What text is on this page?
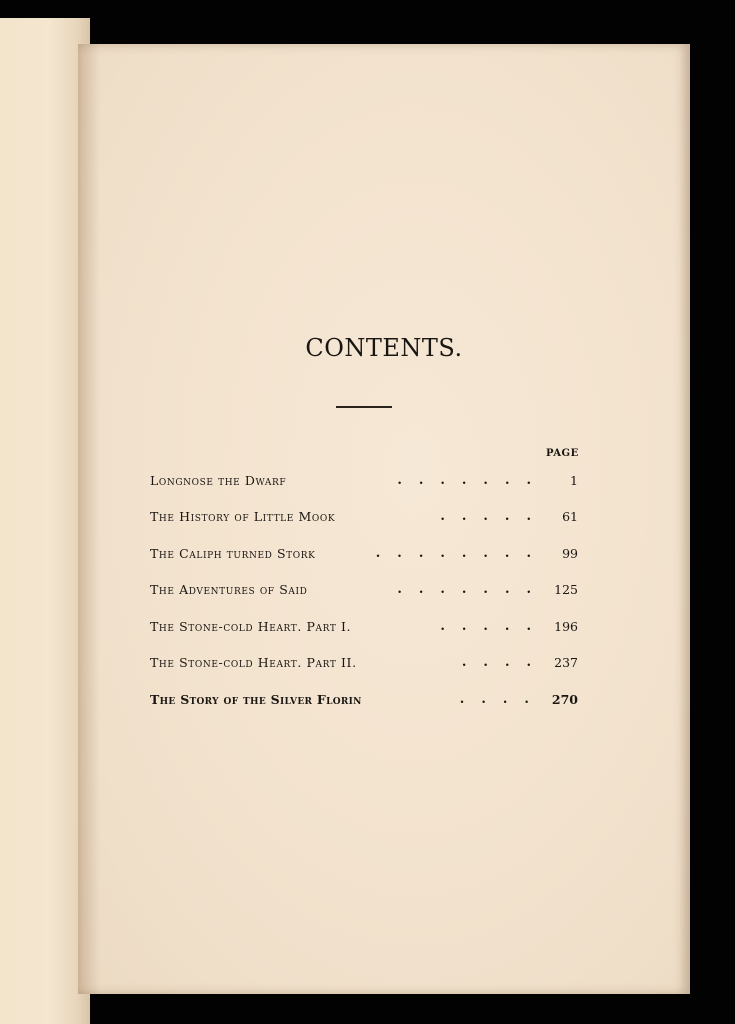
CONTENTS.
PAGE
Longnose the Dwarf	.......	1
The History of Little Mook	.....	61
The Caliph turned Stork	........	99
The Adventures of Said	....... 125
The Stone-cold Heart. Part I.	..... 196
The Stone-cold Heart. Part II.	.... 237
The Story of the Silver Florin	.... 270
